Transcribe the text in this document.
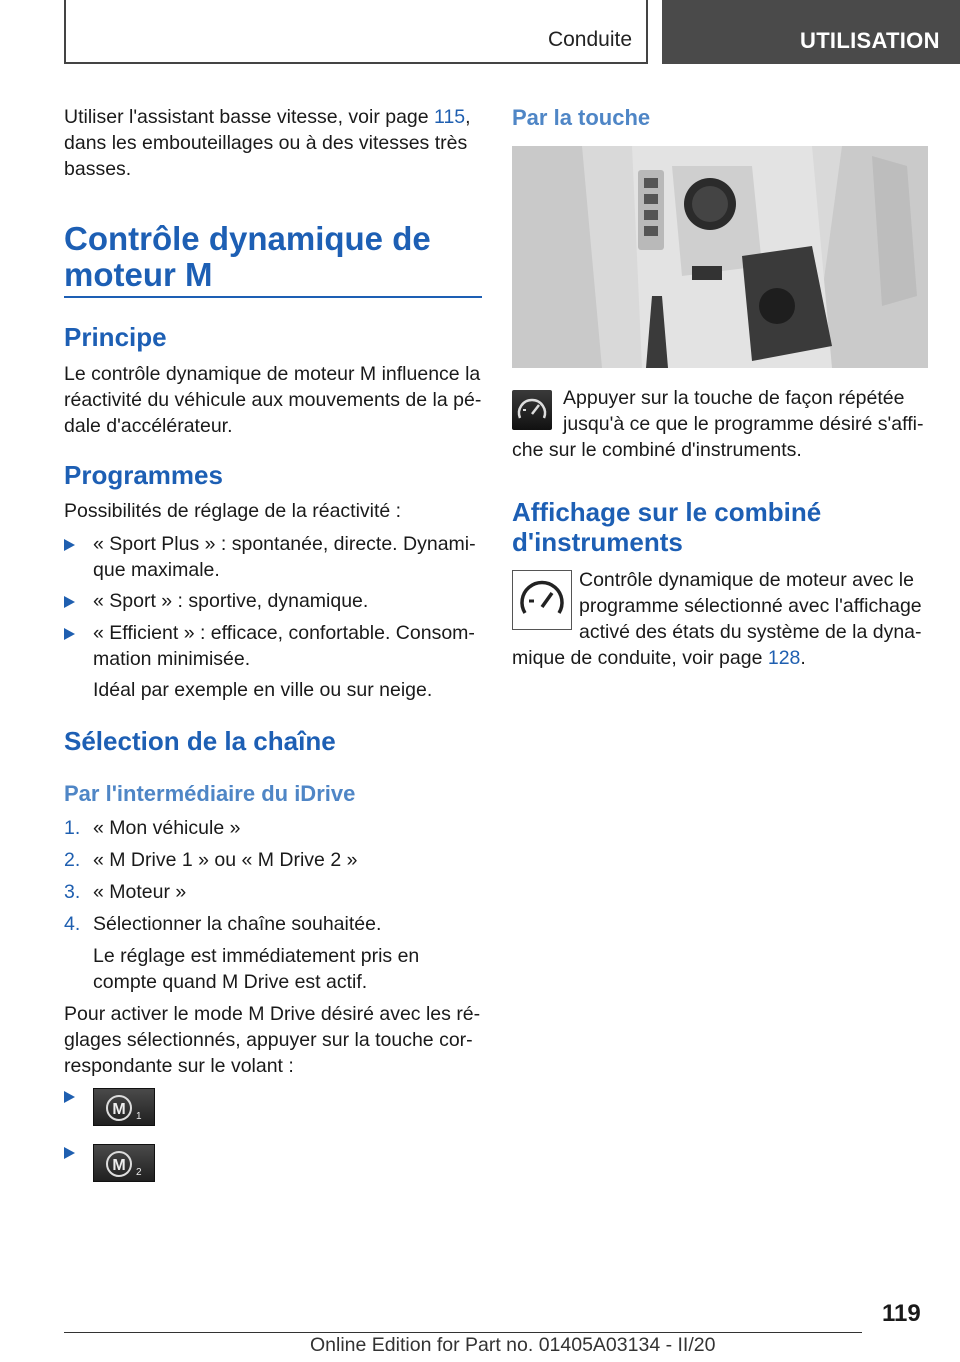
Conduite	UTILISATION

Utiliser l'assistant basse vitesse, voir page 115,

dans les embouteillages ou à des vitesses très

basses.

Contrôle dynamique de
moteur M
Principe

Le contrôle dynamique de moteur M influence la

réactivité du véhicule aux mouvements de la pé-

dale d'accélérateur.

Programmes

Possibilités de réglage de la réactivité :

« Sport Plus » : spontanée, directe. Dynami-
que maximale.
« Sport » : sportive, dynamique.
« Efficient » : efficace, confortable. Consom-
mation minimisée.

Idéal par exemple en ville ou sur neige.

Sélection de la chaîne
Par l'intermédiaire du iDrive
1. « Mon véhicule »
2. « M Drive 1 » ou « M Drive 2 »
3. « Moteur »
4. Sélectionner la chaîne souhaitée.

Le réglage est immédiatement pris en

compte quand M Drive est actif.

Pour activer le mode M Drive désiré avec les ré-

glages sélectionnés, appuyer sur la touche cor-

respondante sur le volant :

M 1
M 2
Par la touche

Appuyer sur la touche de façon répétée

jusqu'à ce que le programme désiré s'affi-

che sur le combiné d'instruments.

Affichage sur le combiné
d'instruments

Contrôle dynamique de moteur avec le

programme sélectionné avec l'affichage

activé des états du système de la dyna-

mique de conduite, voir page 128.

119
Online Edition for Part no. 01405A03134 - II/20
